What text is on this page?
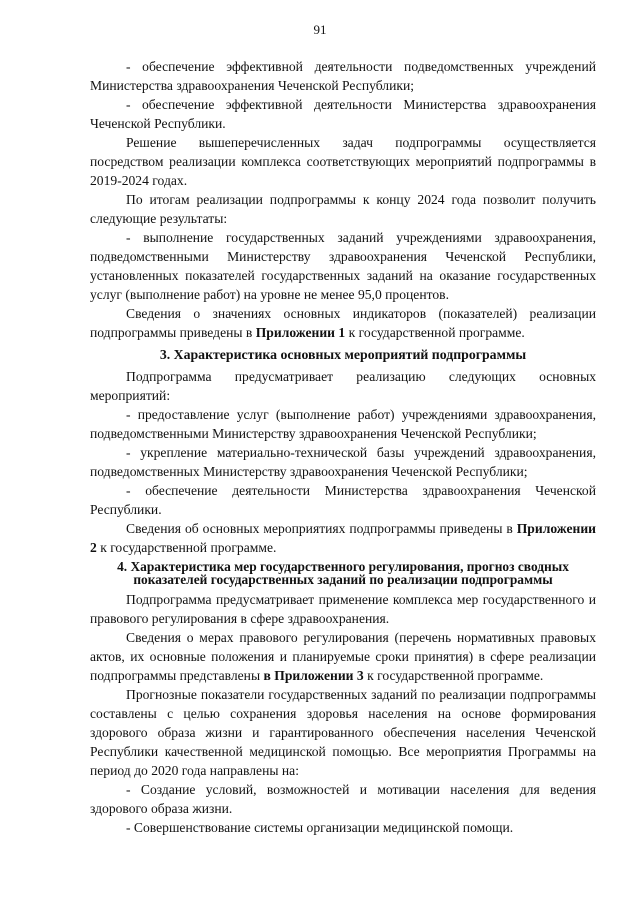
91

- обеспечение эффективной деятельности подведомственных учреждений Министерства здравоохранения Чеченской Республики;

- обеспечение эффективной деятельности Министерства здравоохранения Чеченской Республики.

Решение вышеперечисленных задач подпрограммы осуществляется посредством реализации комплекса соответствующих мероприятий подпрограммы в 2019-2024 годах.

По итогам реализации подпрограммы к концу 2024 года позволит получить следующие результаты:

- выполнение государственных заданий учреждениями здравоохранения, подведомственными Министерству здравоохранения Чеченской Республики, установленных показателей государственных заданий на оказание государственных услуг (выполнение работ) на уровне не менее 95,0 процентов.

Сведения о значениях основных индикаторов (показателей) реализации подпрограммы приведены в Приложении 1 к государственной программе.

3. Характеристика основных мероприятий подпрограммы

Подпрограмма предусматривает реализацию следующих основных мероприятий:

- предоставление услуг (выполнение работ) учреждениями здравоохранения, подведомственными Министерству здравоохранения Чеченской Республики;

- укрепление материально-технической базы учреждений здравоохранения, подведомственных Министерству здравоохранения Чеченской Республики;

- обеспечение деятельности Министерства здравоохранения Чеченской Республики.

Сведения об основных мероприятиях подпрограммы приведены в Приложении 2 к государственной программе.

4. Характеристика мер государственного регулирования, прогноз сводных показателей государственных заданий по реализации подпрограммы

Подпрограмма предусматривает применение комплекса мер государственного и правового регулирования в сфере здравоохранения.

Сведения о мерах правового регулирования (перечень нормативных правовых актов, их основные положения и планируемые сроки принятия) в сфере реализации подпрограммы представлены в Приложении 3 к государственной программе.

Прогнозные показатели государственных заданий по реализации подпрограммы составлены с целью сохранения здоровья населения на основе формирования здорового образа жизни и гарантированного обеспечения населения Чеченской Республики качественной медицинской помощью. Все мероприятия Программы на период до 2020 года направлены на:

- Создание условий, возможностей и мотивации населения для ведения здорового образа жизни.

- Совершенствование системы организации медицинской помощи.
